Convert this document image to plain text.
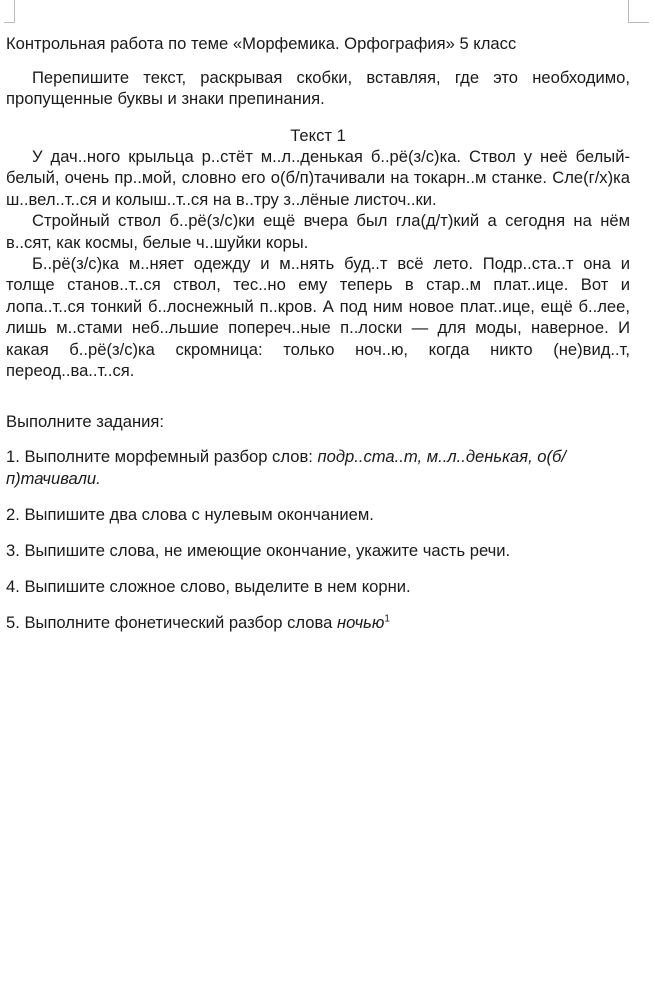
Контрольная работа по теме «Морфемика. Орфография» 5 класс

Перепишите текст, раскрывая скобки, вставляя, где это необходимо, пропущенные буквы и знаки препинания.

Текст 1

У дач..ного крыльца р..стёт м..л..денькая б..рё(з/с)ка. Ствол у неё белый-белый, очень пр..мой, словно его о(б/п)тачивали на токарн..м станке. Сле(г/х)ка ш..вел..т..ся и колыш..т..ся на в..тру з..лёные листоч..ки.

Стройный ствол б..рё(з/с)ки ещё вчера был гла(д/т)кий а сегодня на нём в..сят, как космы, белые ч..шуйки коры.

Б..рё(з/с)ка м..няет одежду и м..нять буд..т всё лето. Подр..ста..т она и толще станов..т..ся ствол, тес..но ему теперь в стар..м плат..ице. Вот и лопа..т..ся тонкий б..лоснежный п..кров. А под ним новое плат..ице, ещё б..лее, лишь м..стами неб..льшие попереч..ные п..лоски — для моды, наверное. И какая б..рё(з/с)ка скромница: только ноч..ю, когда никто (не)вид..т, переод..ва..т..ся.

Выполните задания:

1. Выполните морфемный разбор слов: подр..ста..т, м..л..денькая, о(б/п)тачивали.

2. Выпишите два слова с нулевым окончанием.

3. Выпишите слова, не имеющие окончание, укажите часть речи.

4. Выпишите сложное слово, выделите в нем корни.

5. Выполните фонетический разбор слова ночью$^1$
